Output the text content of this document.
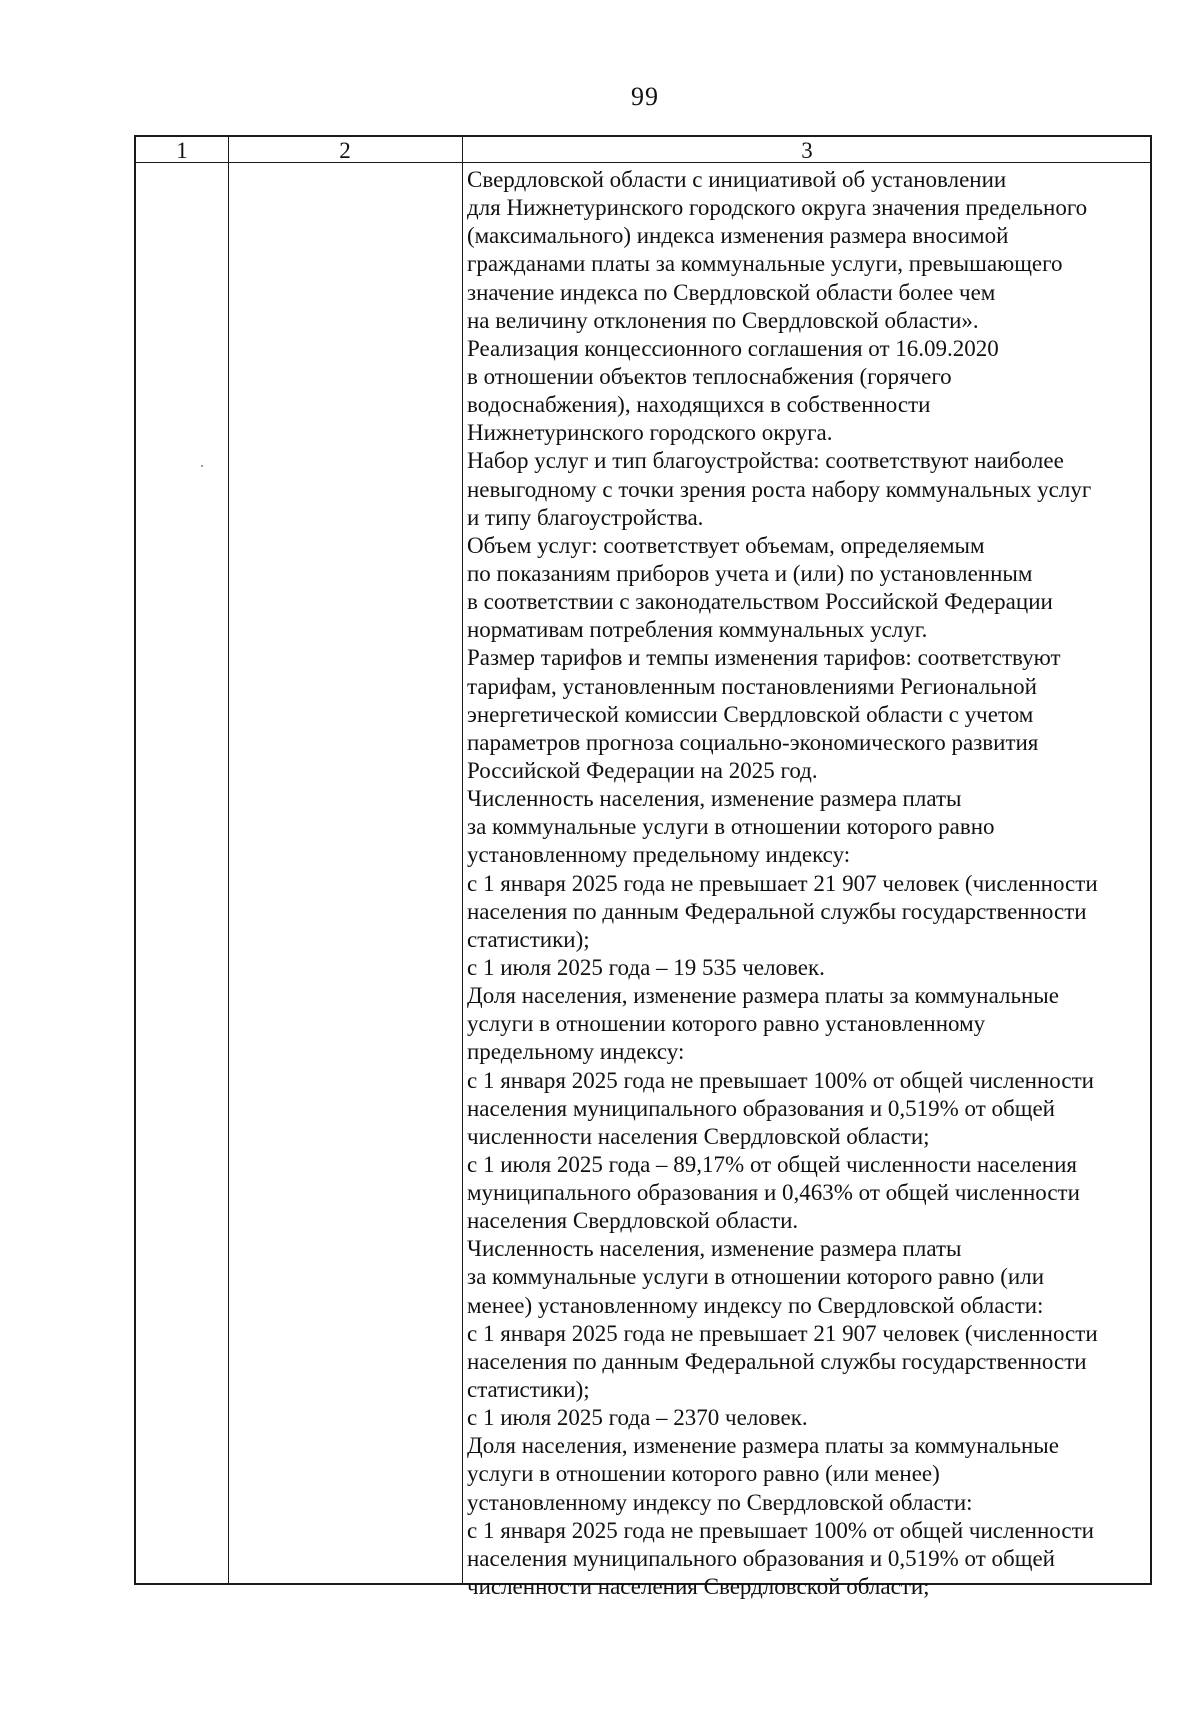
99
1	2	3
Свердловской области с инициативой об установлении
для Нижнетуринского городского округа значения предельного
(максимального) индекса изменения размера вносимой
гражданами платы за коммунальные услуги, превышающего
значение индекса по Свердловской области более чем
на величину отклонения по Свердловской области».
Реализация концессионного соглашения от 16.09.2020
в отношении объектов теплоснабжения (горячего
водоснабжения), находящихся в собственности
Нижнетуринского городского округа.
Набор услуг и тип благоустройства: соответствуют наиболее
невыгодному с точки зрения роста набору коммунальных услуг
и типу благоустройства.
Объем услуг: соответствует объемам, определяемым
по показаниям приборов учета и (или) по установленным
в соответствии с законодательством Российской Федерации
нормативам потребления коммунальных услуг.
Размер тарифов и темпы изменения тарифов: соответствуют
тарифам, установленным постановлениями Региональной
энергетической комиссии Свердловской области с учетом
параметров прогноза социально-экономического развития
Российской Федерации на 2025 год.
Численность населения, изменение размера платы
за коммунальные услуги в отношении которого равно
установленному предельному индексу:
с 1 января 2025 года не превышает 21 907 человек (численности
населения по данным Федеральной службы государственности
статистики);
с 1 июля 2025 года – 19 535 человек.
Доля населения, изменение размера платы за коммунальные
услуги в отношении которого равно установленному
предельному индексу:
с 1 января 2025 года не превышает 100% от общей численности
населения муниципального образования и 0,519% от общей
численности населения Свердловской области;
с 1 июля 2025 года – 89,17% от общей численности населения
муниципального образования и 0,463% от общей численности
населения Свердловской области.
Численность населения, изменение размера платы
за коммунальные услуги в отношении которого равно (или
менее) установленному индексу по Свердловской области:
с 1 января 2025 года не превышает 21 907 человек (численности
населения по данным Федеральной службы государственности
статистики);
с 1 июля 2025 года – 2370 человек.
Доля населения, изменение размера платы за коммунальные
услуги в отношении которого равно (или менее)
установленному индексу по Свердловской области:
с 1 января 2025 года не превышает 100% от общей численности
населения муниципального образования и 0,519% от общей
численности населения Свердловской области;
